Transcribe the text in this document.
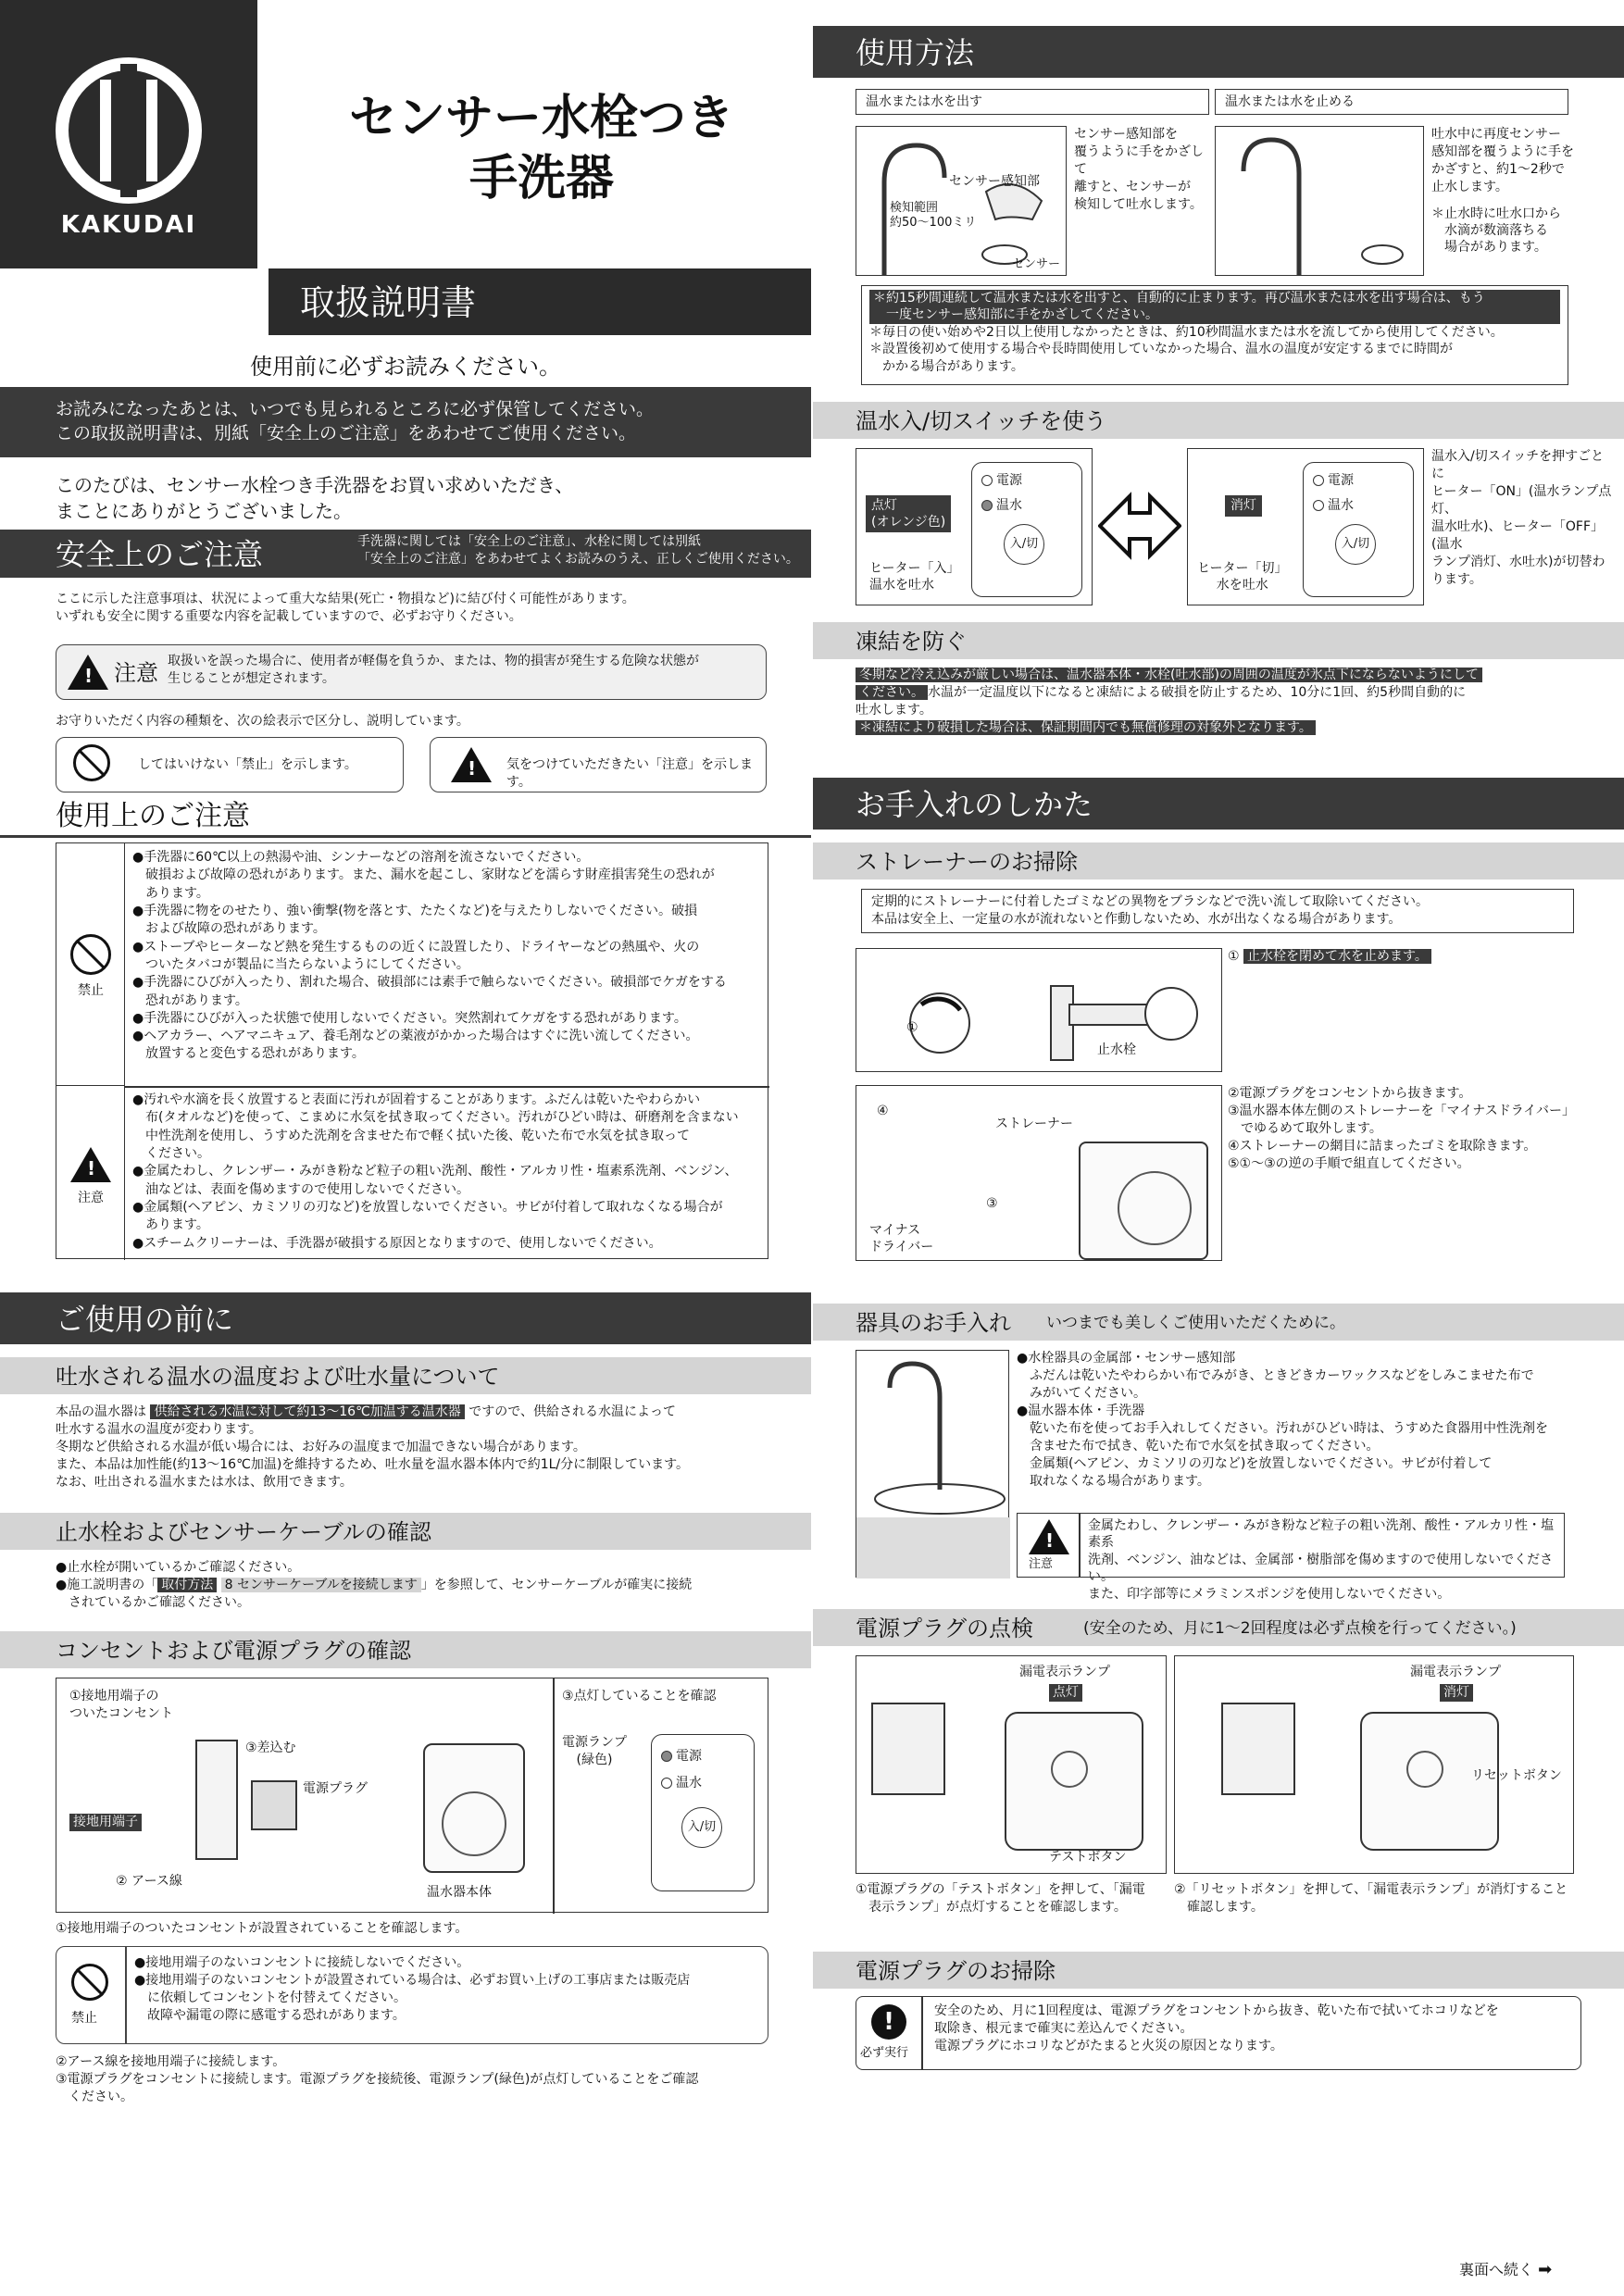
KAKUDAI
センサー水栓つき
手洗器
取扱説明書
使用前に必ずお読みください。
お読みになったあとは、いつでも見られるところに必ず保管してください。
この取扱説明書は、別紙「安全上のご注意」をあわせてご使用ください。
このたびは、センサー水栓つき手洗器をお買い求めいただき、
まことにありがとうございました。
安全上のご注意	手洗器に関しては「安全上のご注意」、水栓に関しては別紙
「安全上のご注意」をあわせてよくお読みのうえ、正しくご使用ください。
ここに示した注意事項は、状況によって重大な結果(死亡・物損など)に結び付く可能性があります。
いずれも安全に関する重要な内容を記載していますので、必ずお守りください。
!
注意 取扱いを誤った場合に、使用者が軽傷を負うか、または、物的損害が発生する危険な状態が
生じることが想定されます。
お守りいただく内容の種類を、次の絵表示で区分し、説明しています。
してはいけない「禁止」を示します。
!	気をつけていただきたい「注意」を示します。
使用上のご注意
禁止
●手洗器に60℃以上の熱湯や油、シンナーなどの溶剤を流さないでください。
　破損および故障の恐れがあります。また、漏水を起こし、家財などを濡らす財産損害発生の恐れが
　あります。
●手洗器に物をのせたり、強い衝撃(物を落とす、たたくなど)を与えたりしないでください。破損
　および故障の恐れがあります。
●ストーブやヒーターなど熱を発生するものの近くに設置したり、ドライヤーなどの熱風や、火の
　ついたタバコが製品に当たらないようにしてください。
●手洗器にひびが入ったり、割れた場合、破損部には素手で触らないでください。破損部でケガをする
　恐れがあります。
●手洗器にひびが入った状態で使用しないでください。突然割れてケガをする恐れがあります。
●ヘアカラー、ヘアマニキュア、養毛剤などの薬液がかかった場合はすぐに洗い流してください。
　放置すると変色する恐れがあります。
!
注意
●汚れや水滴を長く放置すると表面に汚れが固着することがあります。ふだんは乾いたやわらかい
　布(タオルなど)を使って、こまめに水気を拭き取ってください。汚れがひどい時は、研磨剤を含まない
　中性洗剤を使用し、うすめた洗剤を含ませた布で軽く拭いた後、乾いた布で水気を拭き取って
　ください。
●金属たわし、クレンザー・みがき粉など粒子の粗い洗剤、酸性・アルカリ性・塩素系洗剤、ベンジン、
　油などは、表面を傷めますので使用しないでください。
●金属類(ヘアピン、カミソリの刃など)を放置しないでください。サビが付着して取れなくなる場合が
　あります。
●スチームクリーナーは、手洗器が破損する原因となりますので、使用しないでください。
ご使用の前に
吐水される温水の温度および吐水量について
本品の温水器は 供給される水温に対して約13〜16℃加温する温水器 ですので、供給される水温によって
吐水する温水の温度が変わります。
冬期など供給される水温が低い場合には、お好みの温度まで加温できない場合があります。
また、本品は加性能(約13〜16℃加温)を維持するため、吐水量を温水器本体内で約1L/分に制限しています。
なお、吐出される温水または水は、飲用できます。
止水栓およびセンサーケーブルの確認
●止水栓が開いているかご確認ください。
●施工説明書の「 取付方法 8 センサーケーブルを接続します 」を参照して、センサーケーブルが確実に接続
　されているかご確認ください。
コンセントおよび電源プラグの確認
①接地用端子の
ついたコンセント
③差込む
電源プラグ
接地用端子
② アース線
温水器本体
③点灯していることを確認
電源ランプ
(緑色)	電源
温水
入/切
①接地用端子のついたコンセントが設置されていることを確認します。
禁止
●接地用端子のないコンセントに接続しないでください。
●接地用端子のないコンセントが設置されている場合は、必ずお買い上げの工事店または販売店
　に依頼してコンセントを付替えてください。
　故障や漏電の際に感電する恐れがあります。
②アース線を接地用端子に接続します。
③電源プラグをコンセントに接続します。電源プラグを接続後、電源ランプ(緑色)が点灯していることをご確認
　ください。
使用方法
温水または水を出す	温水または水を止める
センサー感知部
検知範囲
約50〜100ミリ
センサー
センサー感知部を
覆うように手をかざして
離すと、センサーが
検知して吐水します。
吐水中に再度センサー
感知部を覆うように手を
かざすと、約1〜2秒で
止水します。
＊止水時に吐水口から
　水滴が数滴落ちる
　場合があります。
＊約15秒間連続して温水または水を出すと、自動的に止まります。再び温水または水を出す場合は、もう
　一度センサー感知部に手をかざしてください。
＊毎日の使い始めや2日以上使用しなかったときは、約10秒間温水または水を流してから使用してください。
＊設置後初めて使用する場合や長時間使用していなかった場合、温水の温度が安定するまでに時間が
　かかる場合があります。
温水入/切スイッチを使う
点灯
(オレンジ色)
電源
温水
入/切
ヒーター「入」
温水を吐水
消灯
電源
温水
入/切
ヒーター「切」
水を吐水
温水入/切スイッチを押すごとに
ヒーター「ON」(温水ランプ点灯、
温水吐水)、ヒーター「OFF」(温水
ランプ消灯、水吐水)が切替わります。
凍結を防ぐ
冬期など冷え込みが厳しい場合は、温水器本体・水栓(吐水部)の周囲の温度が氷点下にならないようにして
ください。 水温が一定温度以下になると凍結による破損を防止するため、10分に1回、約5秒間自動的に
吐水します。
＊凍結により破損した場合は、保証期間内でも無償修理の対象外となります。
お手入れのしかた
ストレーナーのお掃除
定期的にストレーナーに付着したゴミなどの異物をブラシなどで洗い流して取除いてください。
本品は安全上、一定量の水が流れないと作動しないため、水が出なくなる場合があります。
①
止水栓
① 止水栓を閉めて水を止めます。
④
ストレーナー
③
マイナス
ドライバー
②電源プラグをコンセントから抜きます。
③温水器本体左側のストレーナーを「マイナスドライバー」
　でゆるめて取外します。
④ストレーナーの網目に詰まったゴミを取除きます。
⑤①〜③の逆の手順で組直してください。
器具のお手入れ いつまでも美しくご使用いただくために。
●水栓器具の金属部・センサー感知部
　ふだんは乾いたやわらかい布でみがき、ときどきカーワックスなどをしみこませた布で
　みがいてください。
●温水器本体・手洗器
　乾いた布を使ってお手入れしてください。汚れがひどい時は、うすめた食器用中性洗剤を
　含ませた布で拭き、乾いた布で水気を拭き取ってください。
　金属類(ヘアピン、カミソリの刃など)を放置しないでください。サビが付着して
　取れなくなる場合があります。
!
注意
金属たわし、クレンザー・みがき粉など粒子の粗い洗剤、酸性・アルカリ性・塩素系
洗剤、ベンジン、油などは、金属部・樹脂部を傷めますので使用しないでください。
また、印字部等にメラミンスポンジを使用しないでください。
電源プラグの点検	(安全のため、月に1〜2回程度は必ず点検を行ってください。)
漏電表示ランプ
点灯
テストボタン
漏電表示ランプ
消灯
リセットボタン
①電源プラグの「テストボタン」を押して、「漏電
　表示ランプ」が点灯することを確認します。
②「リセットボタン」を押して、「漏電表示ランプ」が消灯すること
　確認します。
電源プラグのお掃除
!
必ず実行
安全のため、月に1回程度は、電源プラグをコンセントから抜き、乾いた布で拭いてホコリなどを
取除き、根元まで確実に差込んでください。
電源プラグにホコリなどがたまると火災の原因となります。
裏面へ続く ➡
